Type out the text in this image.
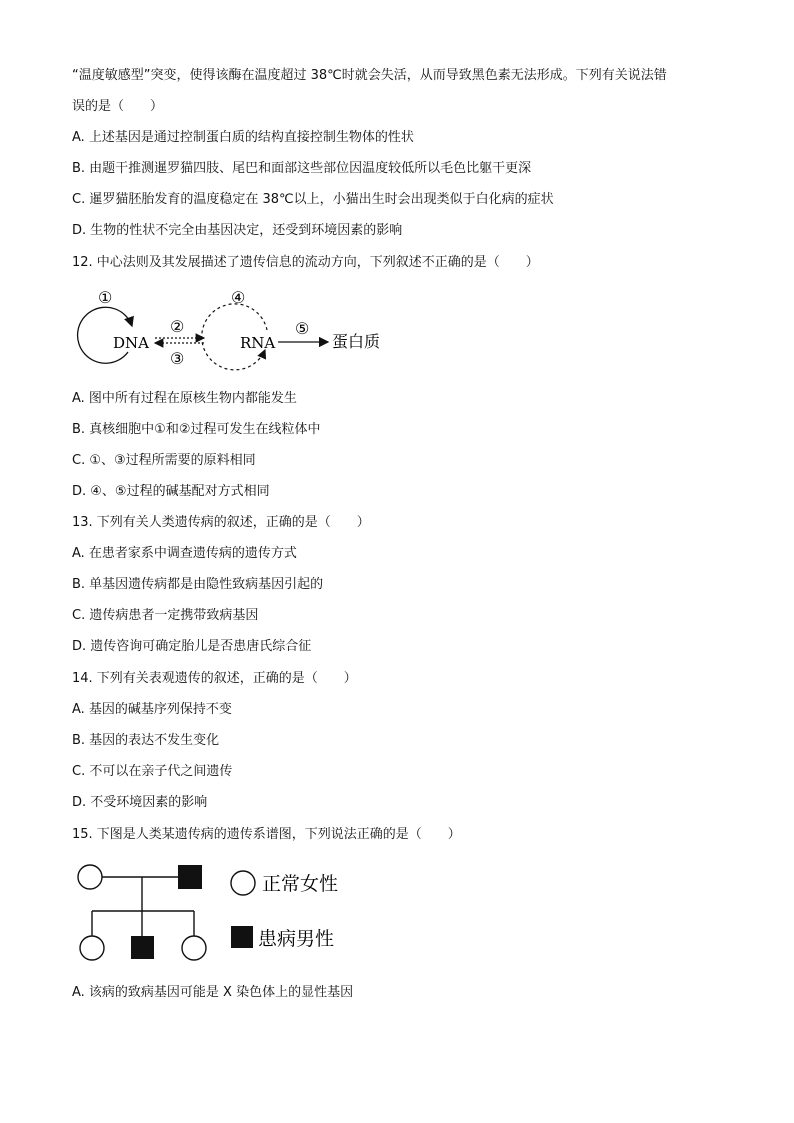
“温度敏感型”突变，使得该酶在温度超过 38℃时就会失活，从而导致黑色素无法形成。下列有关说法错
误的是（　　）
A. 上述基因是通过控制蛋白质的结构直接控制生物体的性状
B. 由题干推测暹罗猫四肢、尾巴和面部这些部位因温度较低所以毛色比躯干更深
C. 暹罗猫胚胎发育的温度稳定在 38℃以上，小猫出生时会出现类似于白化病的症状
D. 生物的性状不完全由基因决定，还受到环境因素的影响
12. 中心法则及其发展描述了遗传信息的流动方向，下列叙述不正确的是（　　）
①
DNA
②
③
④
RNA
⑤
蛋白质
A. 图中所有过程在原核生物内都能发生
B. 真核细胞中①和②过程可发生在线粒体中
C. ①、③过程所需要的原料相同
D. ④、⑤过程的碱基配对方式相同
13. 下列有关人类遗传病的叙述，正确的是（　　）
A. 在患者家系中调查遗传病的遗传方式
B. 单基因遗传病都是由隐性致病基因引起的
C. 遗传病患者一定携带致病基因
D. 遗传咨询可确定胎儿是否患唐氏综合征
14. 下列有关表观遗传的叙述，正确的是（　　）
A. 基因的碱基序列保持不变
B. 基因的表达不发生变化
C. 不可以在亲子代之间遗传
D. 不受环境因素的影响
15. 下图是人类某遗传病的遗传系谱图，下列说法正确的是（　　）
正常女性
患病男性
A. 该病的致病基因可能是 X 染色体上的显性基因
